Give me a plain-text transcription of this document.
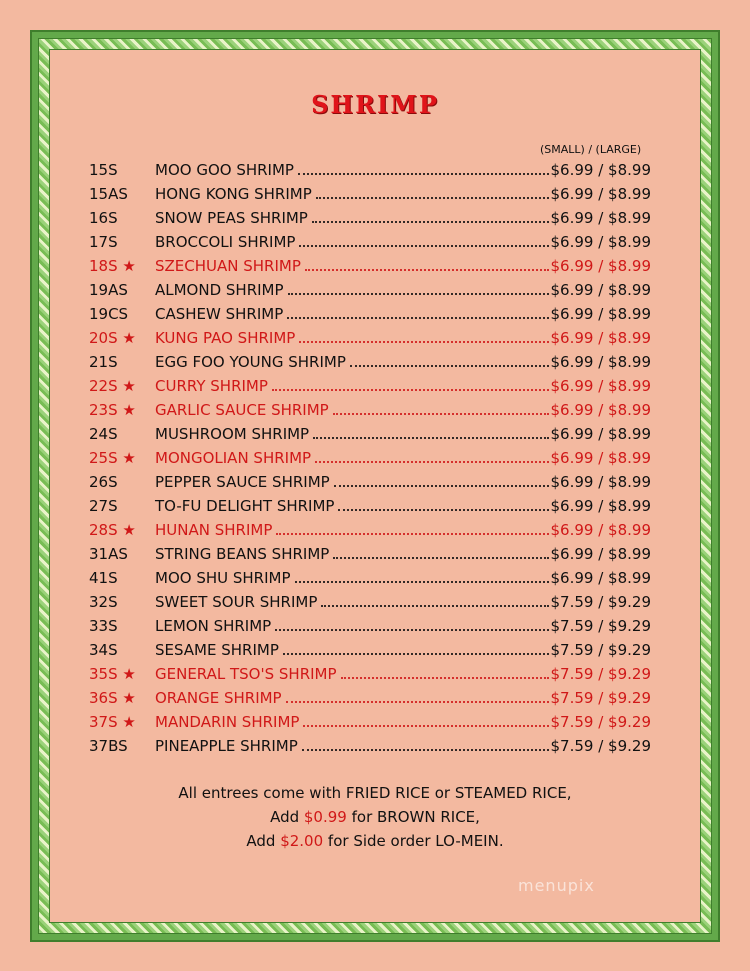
SHRIMP
(SMALL) / (LARGE)
15S	MOO GOO SHRIMP	$6.99 / $8.99
15AS	HONG KONG SHRIMP	$6.99 / $8.99
16S	SNOW PEAS SHRIMP	$6.99 / $8.99
17S	BROCCOLI SHRIMP	$6.99 / $8.99
18S ★	SZECHUAN SHRIMP	$6.99 / $8.99
19AS	ALMOND SHRIMP	$6.99 / $8.99
19CS	CASHEW SHRIMP	$6.99 / $8.99
20S ★	KUNG PAO SHRIMP	$6.99 / $8.99
21S	EGG FOO YOUNG SHRIMP	$6.99 / $8.99
22S ★	CURRY SHRIMP	$6.99 / $8.99
23S ★	GARLIC SAUCE SHRIMP	$6.99 / $8.99
24S	MUSHROOM SHRIMP	$6.99 / $8.99
25S ★	MONGOLIAN SHRIMP	$6.99 / $8.99
26S	PEPPER SAUCE SHRIMP	$6.99 / $8.99
27S	TO-FU DELIGHT SHRIMP	$6.99 / $8.99
28S ★	HUNAN SHRIMP	$6.99 / $8.99
31AS	STRING BEANS SHRIMP	$6.99 / $8.99
41S	MOO SHU SHRIMP	$6.99 / $8.99
32S	SWEET SOUR SHRIMP	$7.59 / $9.29
33S	LEMON SHRIMP	$7.59 / $9.29
34S	SESAME SHRIMP	$7.59 / $9.29
35S ★	GENERAL TSO'S SHRIMP	$7.59 / $9.29
36S ★	ORANGE SHRIMP	$7.59 / $9.29
37S ★	MANDARIN SHRIMP	$7.59 / $9.29
37BS	PINEAPPLE SHRIMP	$7.59 / $9.29
All entrees come with FRIED RICE or STEAMED RICE,
Add $0.99 for BROWN RICE,
Add $2.00 for Side order LO-MEIN.
menupix
